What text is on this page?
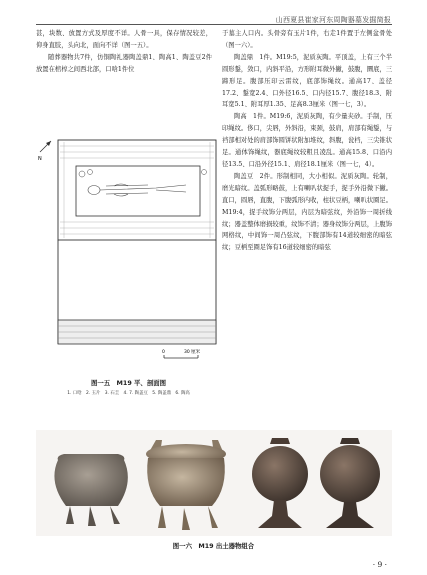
山西夏县崔家河东周陶器墓发掘简报

甚，块数、放置方式及厚度不详。人骨一具，保存情况较差，仰身直肢，头向北，面向不详（图一五）。

随葬器物共7件，仿铜陶礼器陶盖鼎1、陶高1、陶盖豆2件放置在棺椁之间西北部，口唅1件位

于墓主人口内。头骨旁有玉片1件，右走1件置于左侧盆骨处（图一六）。

陶盖鼎　1件。M19:5，泥质灰陶。平顶盖，上有三个半圆形鋬，敛口，内斜平沿，方形附耳微外撇，鼓腹，圜底，三蹄形足。腹部压印云雷纹，底部饰绳纹。通高17、盖径17.2、鋬宽2.4、口外径16.5、口内径15.7、腹径18.3、附耳宽5.1、附耳厚1.35、足高8.3厘米（图一七，3）。

陶高　1件。M19:6，泥质灰陶，有少量夹砂。手制，压印绳纹。侈口，尖唇，外斜沿，束颈，鼓肩，肩部有绳鋬，与裆部相对处的肩部饰圆饼状附加堆纹，斜腹，瓮档，三尖锥状足。通体饰绳纹，器底绳纹较粗且凌乱。通高15.8、口沿内径13.5、口沿外径15.1、肩径18.1厘米（图一七，4）。

陶盖豆　2件。形制相同，大小相似。泥质灰陶。轮制，磨光暗纹。盖弧形略鼓，上有喇叭状捉手，捉手外沿微下撇。直口，圆唇，直腹，下腹弧形内收，柱状豆柄，喇叭状圈足。M19:4，捉手纹饰分两层，内层为暗弦纹，外沿饰一周折线纹；器盖整体磨损较重，纹饰不清；器身纹饰分两层，上腹饰网格纹，中间饰一周凸弦纹，下腹部饰有14道较细密的暗弦纹；豆柄至圈足饰有16道较细密的暗弦

N
0	30 厘米
图一五　M19 平、剖面图
1. 口唅　2. 玉片　3. 石圭　4. 7. 陶盖豆　5. 陶盖鼎　6. 陶高
图一六　M19 出土器物组合
· 9 ·
